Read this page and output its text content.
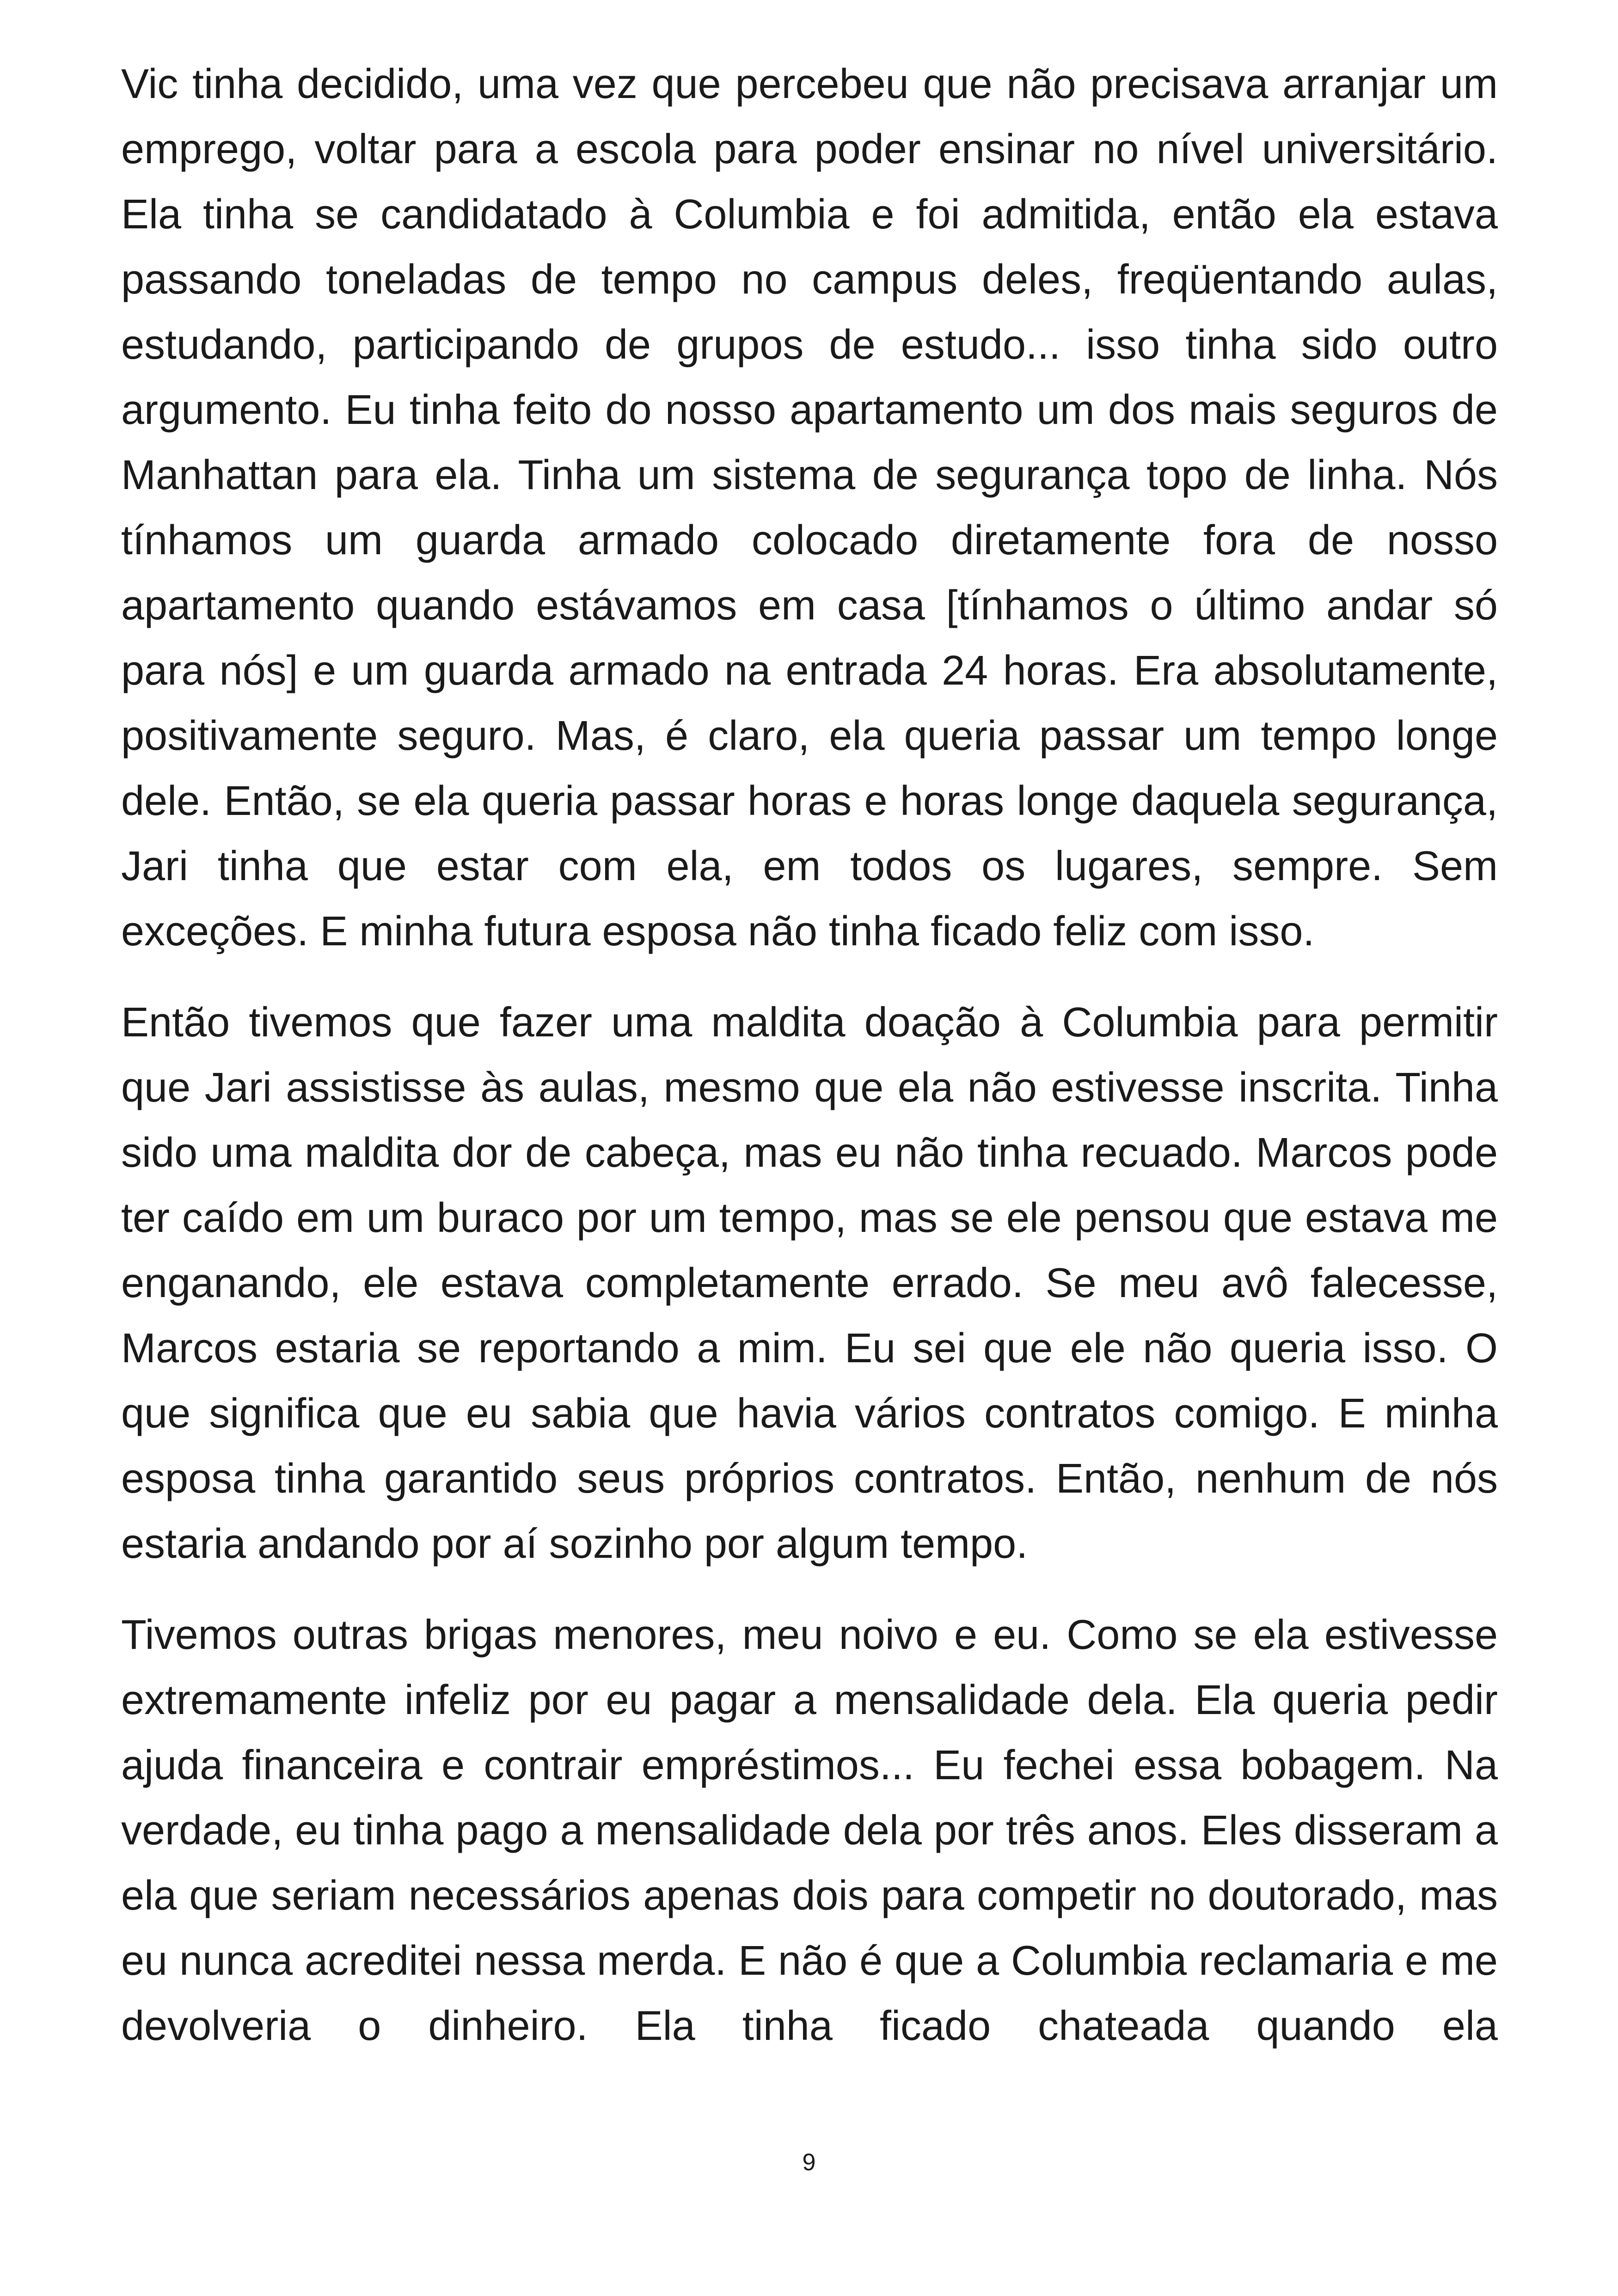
Vic tinha decidido, uma vez que percebeu que não precisava arranjar um emprego, voltar para a escola para poder ensinar no nível universitário. Ela tinha se candidatado à Columbia e foi admitida, então ela estava passando toneladas de tempo no campus deles, freqüentando aulas, estudando, participando de grupos de estudo... isso tinha sido outro argumento. Eu tinha feito do nosso apartamento um dos mais seguros de Manhattan para ela. Tinha um sistema de segurança topo de linha. Nós tínhamos um guarda armado colocado diretamente fora de nosso apartamento quando estávamos em casa [tínhamos o último andar só para nós] e um guarda armado na entrada 24 horas. Era absolutamente, positivamente seguro. Mas, é claro, ela queria passar um tempo longe dele. Então, se ela queria passar horas e horas longe daquela segurança, Jari tinha que estar com ela, em todos os lugares, sempre. Sem exceções. E minha futura esposa não tinha ficado feliz com isso.

Então tivemos que fazer uma maldita doação à Columbia para permitir que Jari assistisse às aulas, mesmo que ela não estivesse inscrita. Tinha sido uma maldita dor de cabeça, mas eu não tinha recuado. Marcos pode ter caído em um buraco por um tempo, mas se ele pensou que estava me enganando, ele estava completamente errado. Se meu avô falecesse, Marcos estaria se reportando a mim. Eu sei que ele não queria isso. O que significa que eu sabia que havia vários contratos comigo. E minha esposa tinha garantido seus próprios contratos. Então, nenhum de nós estaria andando por aí sozinho por algum tempo.

Tivemos outras brigas menores, meu noivo e eu. Como se ela estivesse extremamente infeliz por eu pagar a mensalidade dela. Ela queria pedir ajuda financeira e contrair empréstimos... Eu fechei essa bobagem. Na verdade, eu tinha pago a mensalidade dela por três anos. Eles disseram a ela que seriam necessários apenas dois para competir no doutorado, mas eu nunca acreditei nessa merda. E não é que a Columbia reclamaria e me devolveria o dinheiro. Ela tinha ficado chateada quando ela

9
